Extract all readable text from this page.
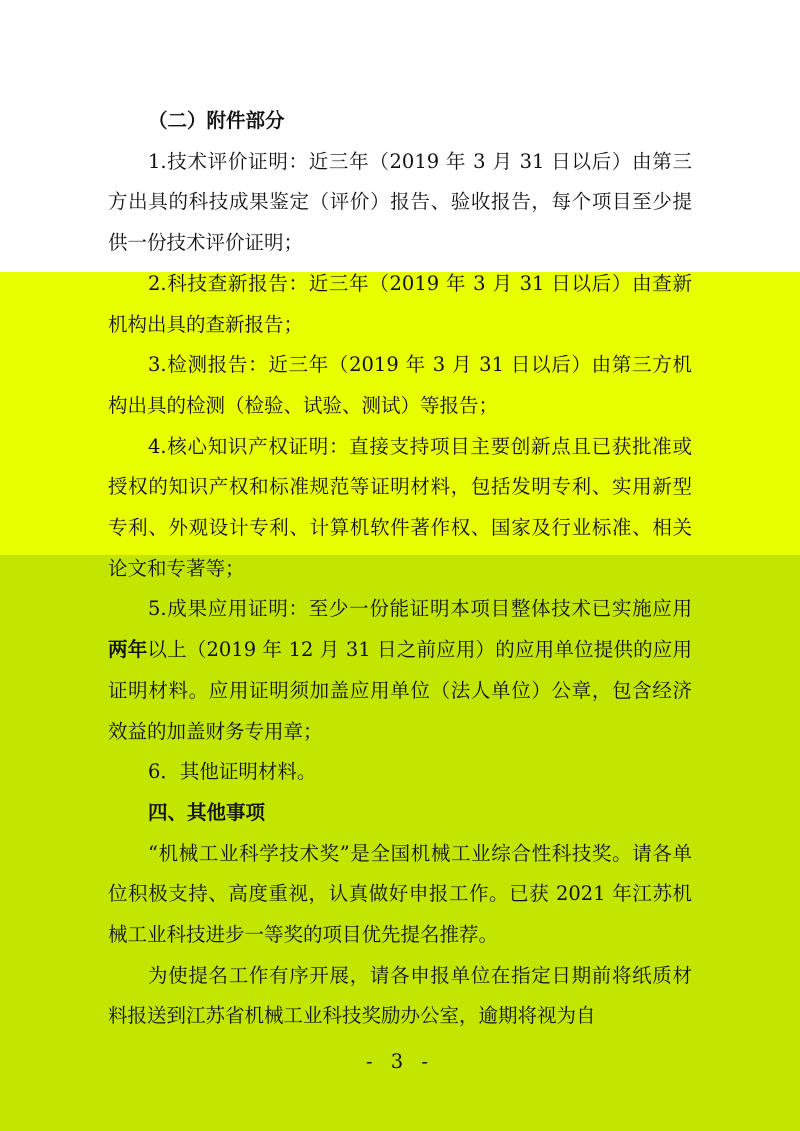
（二）附件部分

1.技术评价证明：近三年（2019 年 3 月 31 日以后）由第三方出具的科技成果鉴定（评价）报告、验收报告，每个项目至少提供一份技术评价证明；

2.科技查新报告：近三年（2019 年 3 月 31 日以后）由查新机构出具的查新报告；

3.检测报告：近三年（2019 年 3 月 31 日以后）由第三方机构出具的检测（检验、试验、测试）等报告；

4.核心知识产权证明：直接支持项目主要创新点且已获批准或授权的知识产权和标准规范等证明材料，包括发明专利、实用新型专利、外观设计专利、计算机软件著作权、国家及行业标准、相关论文和专著等；

5.成果应用证明：至少一份能证明本项目整体技术已实施应用两年以上（2019 年 12 月 31 日之前应用）的应用单位提供的应用证明材料。应用证明须加盖应用单位（法人单位）公章，包含经济效益的加盖财务专用章；

6．其他证明材料。

四、其他事项

“机械工业科学技术奖”是全国机械工业综合性科技奖。请各单位积极支持、高度重视，认真做好申报工作。已获 2021 年江苏机械工业科技进步一等奖的项目优先提名推荐。

为使提名工作有序开展，请各申报单位在指定日期前将纸质材料报送到江苏省机械工业科技奖励办公室，逾期将视为自

- 3 -
